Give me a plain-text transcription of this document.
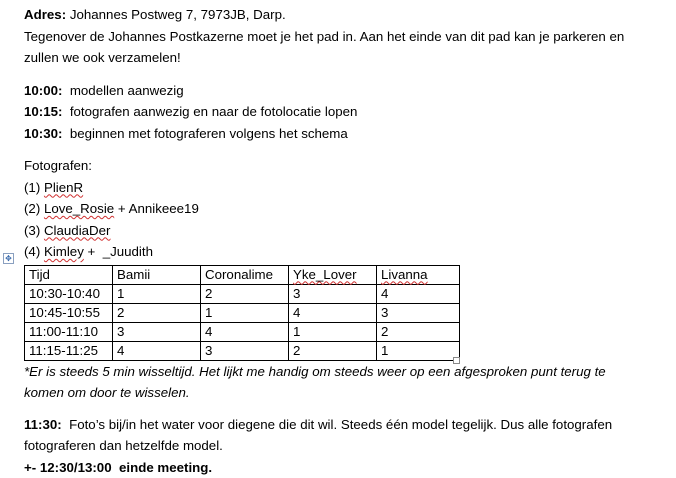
Adres: Johannes Postweg 7, 7973JB, Darp.

Tegenover de Johannes Postkazerne moet je het pad in. Aan het einde van dit pad kan je parkeren en zullen we ook verzamelen!

10:00:  modellen aanwezig

10:15:  fotografen aanwezig en naar de fotolocatie lopen

10:30:  beginnen met fotograferen volgens het schema

Fotografen:

(1) PlienR

(2) Love_Rosie + Annikeee19

(3) ClaudiaDer

(4) Kimley +  _Juudith

✥
Tijd	Bamii	Coronalime	Yke_Lover	Livanna
10:30-10:40	1	2	3	4
10:45-10:55	2	1	4	3
11:00-11:10	3	4	1	2
11:15-11:25	4	3	2	1

*Er is steeds 5 min wisseltijd. Het lijkt me handig om steeds weer op een afgesproken punt terug te komen om door te wisselen.

11:30:  Foto’s bij/in het water voor diegene die dit wil. Steeds één model tegelijk. Dus alle fotografen fotograferen dan hetzelfde model.

+- 12:30/13:00  einde meeting.
